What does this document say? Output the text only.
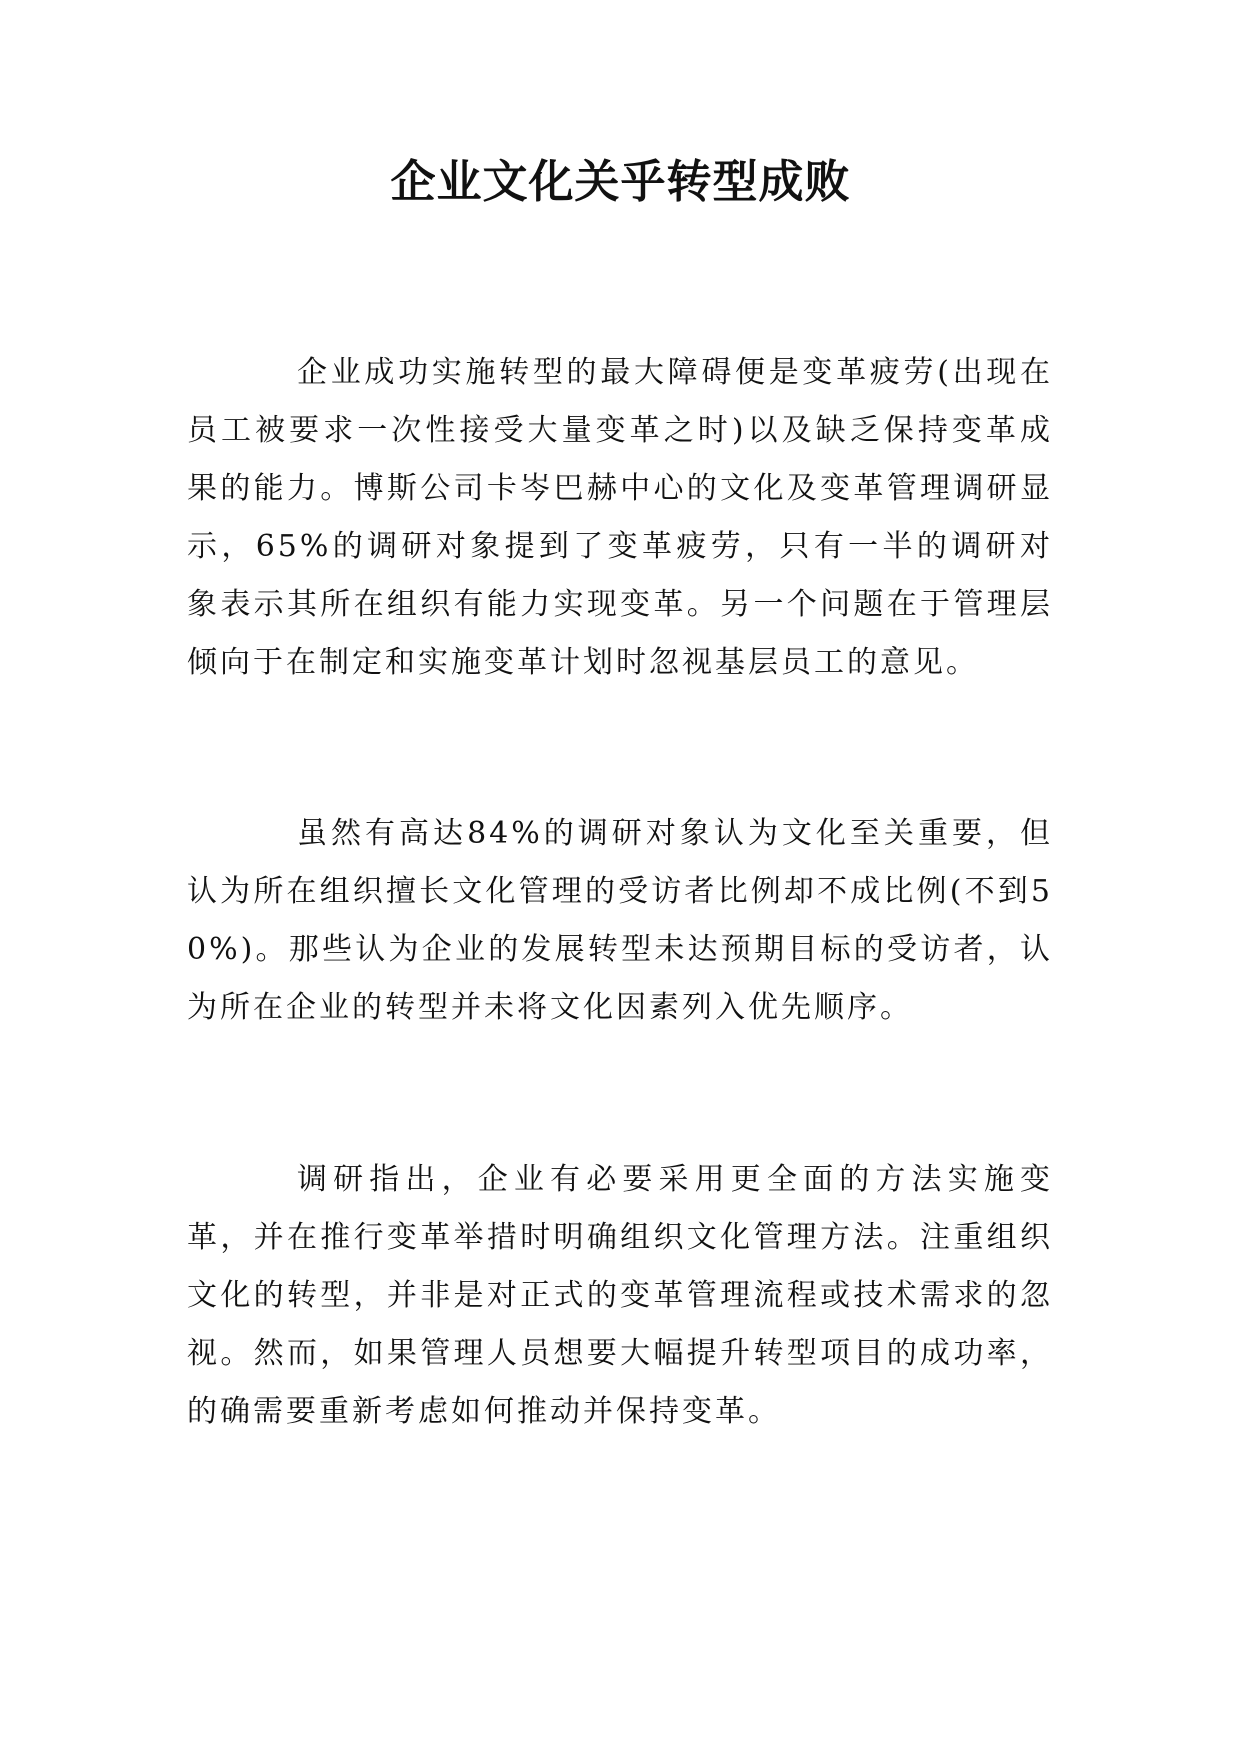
企业文化关乎转型成败

企业成功实施转型的最大障碍便是变革疲劳(出现在员工被要求一次性接受大量变革之时)以及缺乏保持变革成果的能力。博斯公司卡岑巴赫中心的文化及变革管理调研显示，65%的调研对象提到了变革疲劳，只有一半的调研对象表示其所在组织有能力实现变革。另一个问题在于管理层倾向于在制定和实施变革计划时忽视基层员工的意见。

虽然有高达84%的调研对象认为文化至关重要，但认为所在组织擅长文化管理的受访者比例却不成比例(不到50%)。那些认为企业的发展转型未达预期目标的受访者，认为所在企业的转型并未将文化因素列入优先顺序。

调研指出，企业有必要采用更全面的方法实施变革，并在推行变革举措时明确组织文化管理方法。注重组织文化的转型，并非是对正式的变革管理流程或技术需求的忽视。然而，如果管理人员想要大幅提升转型项目的成功率，的确需要重新考虑如何推动并保持变革。
